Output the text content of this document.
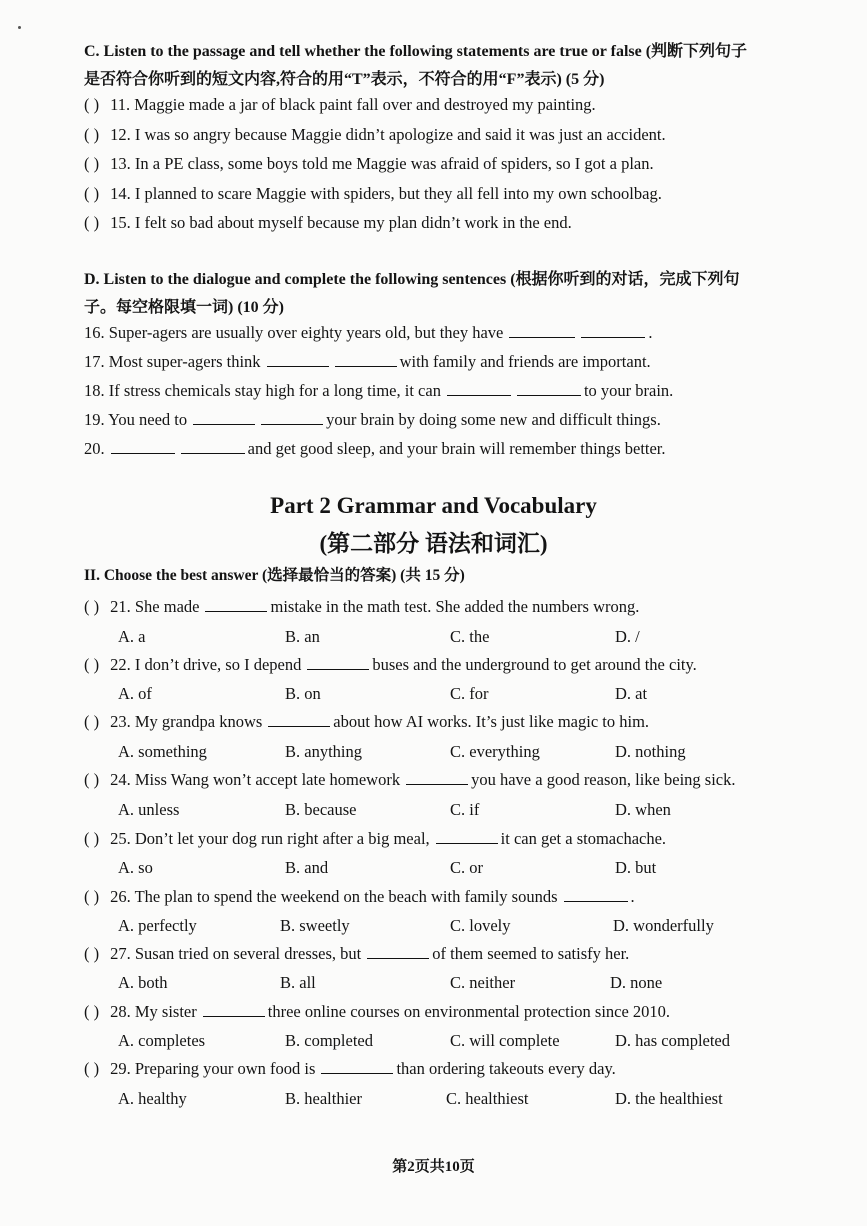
C. Listen to the passage and tell whether the following statements are true or false (判断下列句子
是否符合你听到的短文内容,符合的用“T”表示，不符合的用“F”表示) (5 分)
( ) 11. Maggie made a jar of black paint fall over and destroyed my painting.
( ) 12. I was so angry because Maggie didn’t apologize and said it was just an accident.
( ) 13. In a PE class, some boys told me Maggie was afraid of spiders, so I got a plan.
( ) 14. I planned to scare Maggie with spiders, but they all fell into my own schoolbag.
( ) 15. I felt so bad about myself because my plan didn’t work in the end.
D. Listen to the dialogue and complete the following sentences (根据你听到的对话，完成下列句
子。每空格限填一词) (10 分)
16. Super-agers are usually over eighty years old, but they have	.
17. Most super-agers think	with family and friends are important.
18. If stress chemicals stay high for a long time, it can	to your brain.
19. You need to	your brain by doing some new and difficult things.
20.	and get good sleep, and your brain will remember things better.
Part 2 Grammar and Vocabulary
(第二部分 语法和词汇)
II. Choose the best answer (选择最恰当的答案) (共 15 分)
( ) 21. She made	mistake in the math test. She added the numbers wrong.
A. a	B. an	C. the	D. /
( ) 22. I don’t drive, so I depend	buses and the underground to get around the city.
A. of	B. on	C. for	D. at
( ) 23. My grandpa knows	about how AI works. It’s just like magic to him.
A. something	B. anything	C. everything	D. nothing
( ) 24. Miss Wang won’t accept late homework	you have a good reason, like being sick.
A. unless	B. because	C. if	D. when
( ) 25. Don’t let your dog run right after a big meal,	it can get a stomachache.
A. so	B. and	C. or	D. but
( ) 26. The plan to spend the weekend on the beach with family sounds	.
A. perfectly	B. sweetly	C. lovely	D. wonderfully
( ) 27. Susan tried on several dresses, but	of them seemed to satisfy her.
A. both	B. all	C. neither	D. none
( ) 28. My sister	three online courses on environmental protection since 2010.
A. completes	B. completed	C. will complete	D. has completed
( ) 29. Preparing your own food is	than ordering takeouts every day.
A. healthy	B. healthier	C. healthiest	D. the healthiest
第2页共10页
